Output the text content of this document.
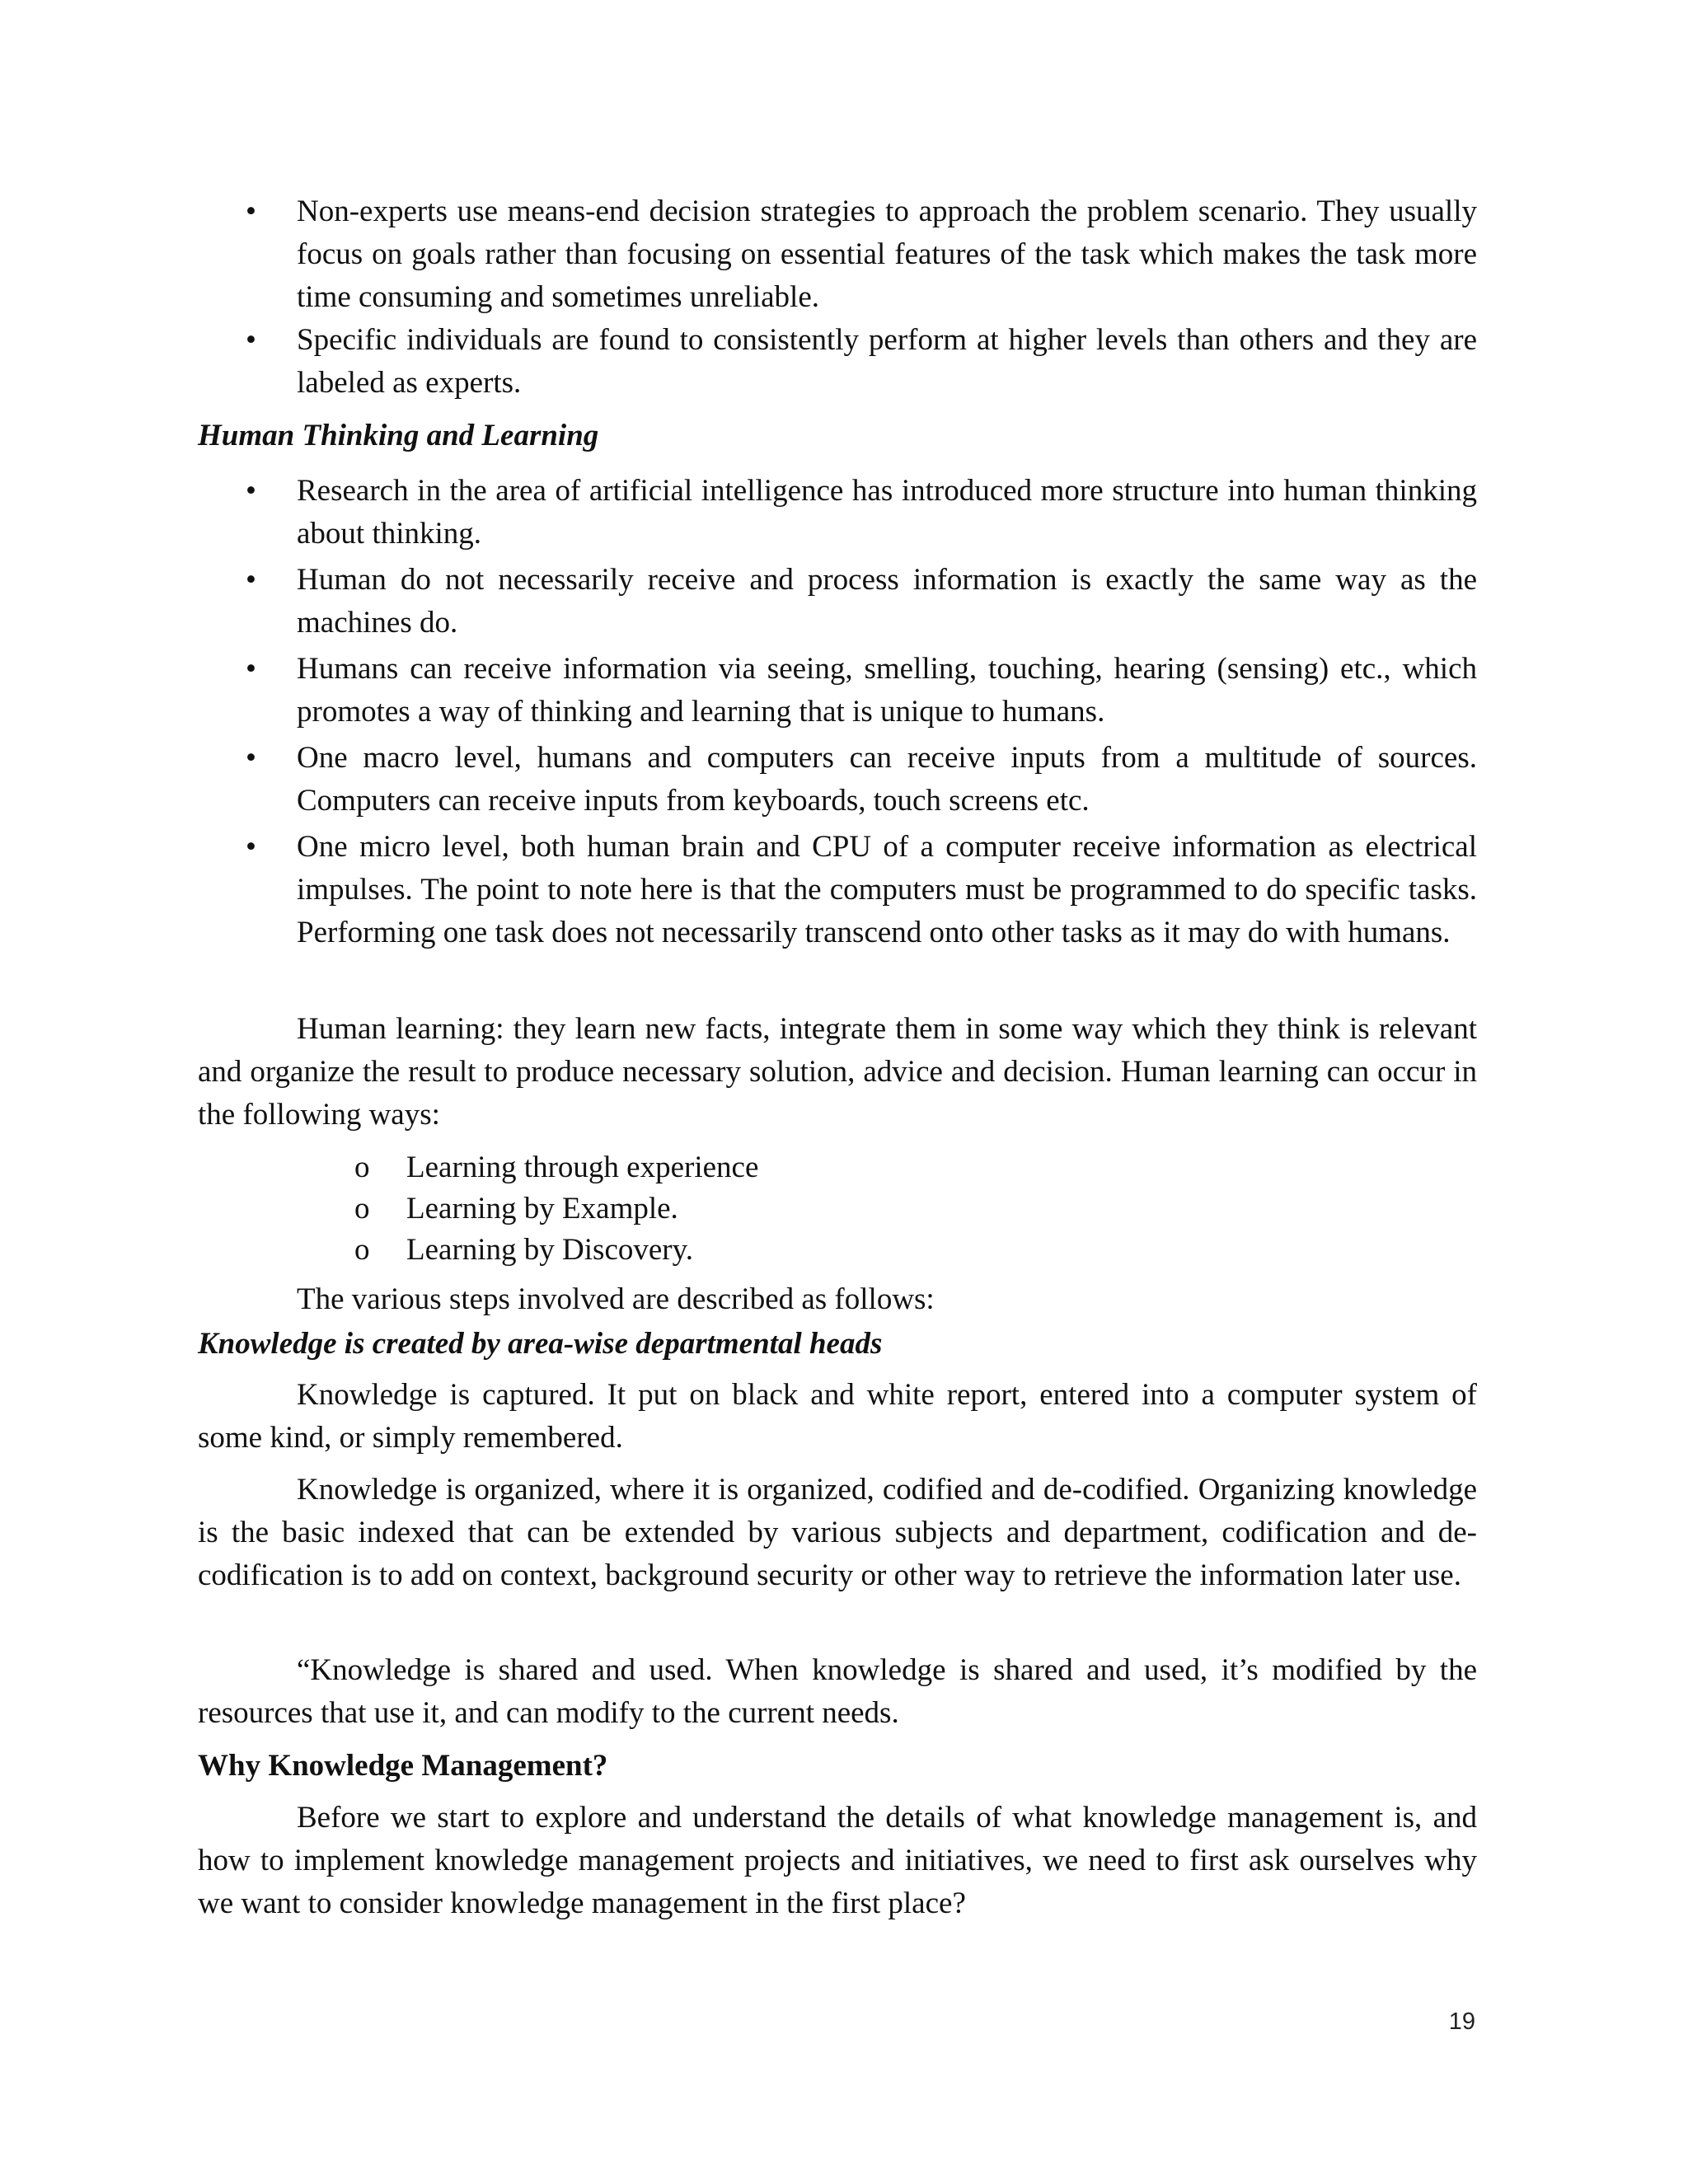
•	Non-experts use means-end decision strategies to approach the problem scenario. They usually focus on goals rather than focusing on essential features of the task which makes the task more time consuming and sometimes unreliable.
•	Specific individuals are found to consistently perform at higher levels than others and they are labeled as experts.

Human Thinking and Learning

•	Research in the area of artificial intelligence has introduced more structure into human thinking about thinking.
•	Human do not necessarily receive and process information is exactly the same way as the machines do.
•	Humans can receive information via seeing, smelling, touching, hearing (sensing) etc., which promotes a way of thinking and learning that is unique to humans.
•	One macro level, humans and computers can receive inputs from a multitude of sources. Computers can receive inputs from keyboards, touch screens etc.
•	One micro level, both human brain and CPU of a computer receive information as electrical impulses. The point to note here is that the computers must be programmed to do specific tasks. Performing one task does not necessarily transcend onto other tasks as it may do with humans.

Human learning: they learn new facts, integrate them in some way which they think is relevant and organize the result to produce necessary solution, advice and decision. Human learning can occur in the following ways:

o Learning through experience
o Learning by Example.
o Learning by Discovery.

The various steps involved are described as follows:

Knowledge is created by area-wise departmental heads

Knowledge is captured. It put on black and white report, entered into a computer system of some kind, or simply remembered.

Knowledge is organized, where it is organized, codified and de-codified. Organizing knowledge is the basic indexed that can be extended by various subjects and department, codification and de-codification is to add on context, background security or other way to retrieve the information later use.

“Knowledge is shared and used. When knowledge is shared and used, it’s modified by the resources that use it, and can modify to the current needs.

Why Knowledge Management?

Before we start to explore and understand the details of what knowledge management is, and how to implement knowledge management projects and initiatives, we need to first ask ourselves why we want to consider knowledge management in the first place?

19
